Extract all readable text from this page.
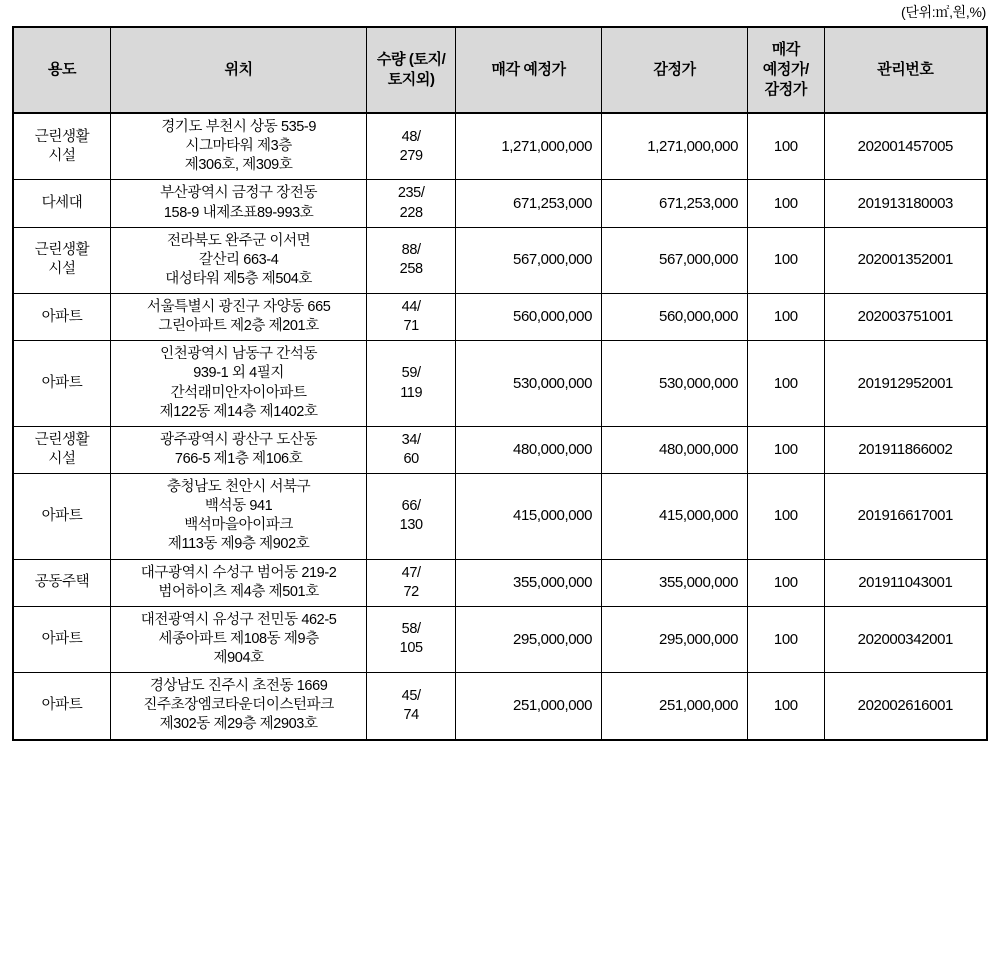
(단위:㎡,원,%)
용도	위치	수량 (토지/ 토지외)	매각 예정가	감정가	매각 예정가/ 감정가	관리번호

근린생활
시설	경기도 부천시 상동 535-9
시그마타워 제3층
제306호, 제309호	48/
279	1,271,000,000	1,271,000,000	100	202001457005

다세대	부산광역시 금정구 장전동
158-9 내제조표89-993호	235/
228	671,253,000	671,253,000	100	201913180003

근린생활
시설	전라북도 완주군 이서면
갈산리 663-4
대성타워 제5층 제504호	88/
258	567,000,000	567,000,000	100	202001352001

아파트	서울특별시 광진구 자양동 665
그린아파트 제2층 제201호	44/
71	560,000,000	560,000,000	100	202003751001

아파트	인천광역시 남동구 간석동
939-1 외 4필지
간석래미안자이아파트
제122동 제14층 제1402호	59/
119	530,000,000	530,000,000	100	201912952001

근린생활
시설	광주광역시 광산구 도산동
766-5 제1층 제106호	34/
60	480,000,000	480,000,000	100	201911866002

아파트	충청남도 천안시 서북구
백석동 941
백석마을아이파크
제113동 제9층 제902호	66/
130	415,000,000	415,000,000	100	201916617001

공동주택	대구광역시 수성구 범어동 219-2
범어하이츠 제4층 제501호	47/
72	355,000,000	355,000,000	100	201911043001

아파트	대전광역시 유성구 전민동 462-5
세종아파트 제108동 제9층
제904호	58/
105	295,000,000	295,000,000	100	202000342001

아파트	경상남도 진주시 초전동 1669
진주초장엠코타운더이스턴파크
제302동 제29층 제2903호	45/
74	251,000,000	251,000,000	100	202002616001
